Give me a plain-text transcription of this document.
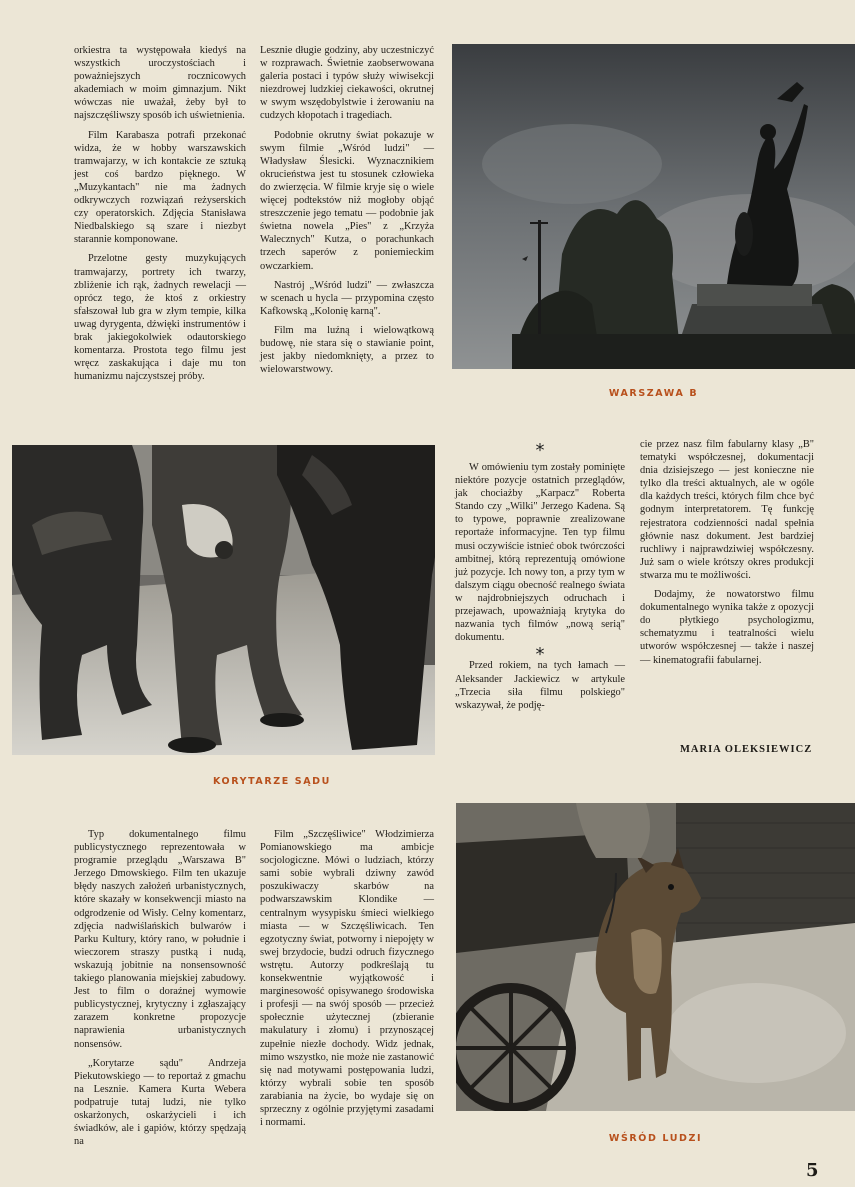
orkiestra ta występowała kiedyś na wszystkich uroczystościach i poważniejszych rocznicowych akademiach w moim gimnazjum. Nikt wówczas nie uważał, żeby był to najszczęśliwszy sposób ich uświetnienia.

Film Karabasza potrafi przekonać widza, że w hobby warszawskich tramwajarzy, w ich kontakcie ze sztuką jest coś bardzo pięknego. W „Muzykantach" nie ma żadnych odkrywczych rozwiązań reżyserskich czy operatorskich. Zdjęcia Stanisława Niedbalskiego są szare i niezbyt starannie komponowane.

Przelotne gesty muzykujących tramwajarzy, portrety ich twarzy, zbliżenie ich rąk, żadnych rewelacji — oprócz tego, że ktoś z orkiestry sfałszował lub gra w złym tempie, kilka uwag dyrygenta, dźwięki instrumentów i brak jakiegokolwiek odautorskiego komentarza. Prostota tego filmu jest wręcz zaskakująca i daje mu ton humanizmu najczystszej próby.

Lesznie długie godziny, aby uczestniczyć w rozprawach. Świetnie zaobserwowana galeria postaci i typów służy wiwisekcji niezdrowej ludzkiej ciekawości, okrutnej w swym wszędobylstwie i żerowaniu na cudzych kłopotach i tragediach.

Podobnie okrutny świat pokazuje w swym filmie „Wśród ludzi" — Władysław Ślesicki. Wyznacznikiem okrucieństwa jest tu stosunek człowieka do zwierzęcia. W filmie kryje się o wiele więcej podtekstów niż mogłoby objąć streszczenie jego tematu — podobnie jak świetna nowela „Pies" z „Krzyża Walecznych" Kutza, o porachunkach trzech saperów z poniemieckim owczarkiem.

Nastrój „Wśród ludzi" — zwłaszcza w scenach u hycla — przypomina często Kafkowską „Kolonię karną".

Film ma luźną i wielowątkową budowę, nie stara się o stawianie point, jest jakby niedomknięty, a przez to wielowarstwowy.

WARSZAWA B
KORYTARZE SĄDU
*

W omówieniu tym zostały pominięte niektóre pozycje ostatnich przeglądów, jak chociażby „Karpacz" Roberta Stando czy „Wilki" Jerzego Kadena. Są to typowe, poprawnie zrealizowane reportaże informacyjne. Ten typ filmu musi oczywiście istnieć obok twórczości ambitnej, którą reprezentują omówione już pozycje. Ich nowy ton, a przy tym w dalszym ciągu obecność realnego świata w najdrobniejszych odruchach i przejawach, upoważniają krytyka do nazwania tych filmów „nową serią" dokumentu.

*

Przed rokiem, na tych łamach — Aleksander Jackiewicz w artykule „Trzecia siła filmu polskiego" wskazywał, że podję-

cie przez nasz film fabularny klasy „B" tematyki współczesnej, dokumentacji dnia dzisiejszego — jest konieczne nie tylko dla treści aktualnych, ale w ogóle dla każdych treści, których film chce być godnym interpretatorem. Tę funkcję rejestratora codzienności nadal spełnia głównie nasz dokument. Jest bardziej ruchliwy i najprawdziwiej współczesny. Już sam o wiele krótszy okres produkcji stwarza mu te możliwości.

Dodajmy, że nowatorstwo filmu dokumentalnego wynika także z opozycji do płytkiego psychologizmu, schematyzmu i teatralności wielu utworów współczesnej — także i naszej — kinematografii fabularnej.

MARIA OLEKSIEWICZ

Typ dokumentalnego filmu publicystycznego reprezentowała w programie przeglądu „Warszawa B" Jerzego Dmowskiego. Film ten ukazuje błędy naszych założeń urbanistycznych, które skazały w konsekwencji miasto na odgrodzenie od Wisły. Celny komentarz, zdjęcia nadwiślańskich bulwarów i Parku Kultury, który rano, w południe i wieczorem straszy pustką i nudą, wskazują jobitnie na nonsensowność takiego planowania miejskiej zabudowy. Jest to film o doraźnej wymowie publicystycznej, krytyczny i zgłaszający zarazem konkretne propozycje naprawienia urbanistycznych nonsensów.

„Korytarze sądu" Andrzeja Piekutowskiego — to reportaż z gmachu na Lesznie. Kamera Kurta Webera podpatruje tutaj ludzi, nie tylko oskarżonych, oskarżycieli i ich świadków, ale i gapiów, którzy spędzają na

Film „Szczęśliwice" Włodzimierza Pomianowskiego ma ambicje socjologiczne. Mówi o ludziach, którzy sami sobie wybrali dziwny zawód poszukiwaczy skarbów na podwarszawskim Klondike — centralnym wysypisku śmieci wielkiego miasta — w Szczęśliwicach. Ten egzotyczny świat, potworny i niepojęty w swej brzydocie, budzi odruch fizycznego wstrętu. Autorzy podkreślają tu konsekwentnie wyjątkowość i marginesowość opisywanego środowiska i profesji — na swój sposób — przecież społecznie użytecznej (zbieranie makulatury i złomu) i przynoszącej zupełnie niezłe dochody. Widz jednak, mimo wszystko, nie może nie zastanowić się nad motywami postępowania ludzi, którzy wybrali sobie ten sposób zarabiania na życie, bo wydaje się on sprzeczny z ogólnie przyjętymi zasadami i normami.

WŚRÓD LUDZI
5
